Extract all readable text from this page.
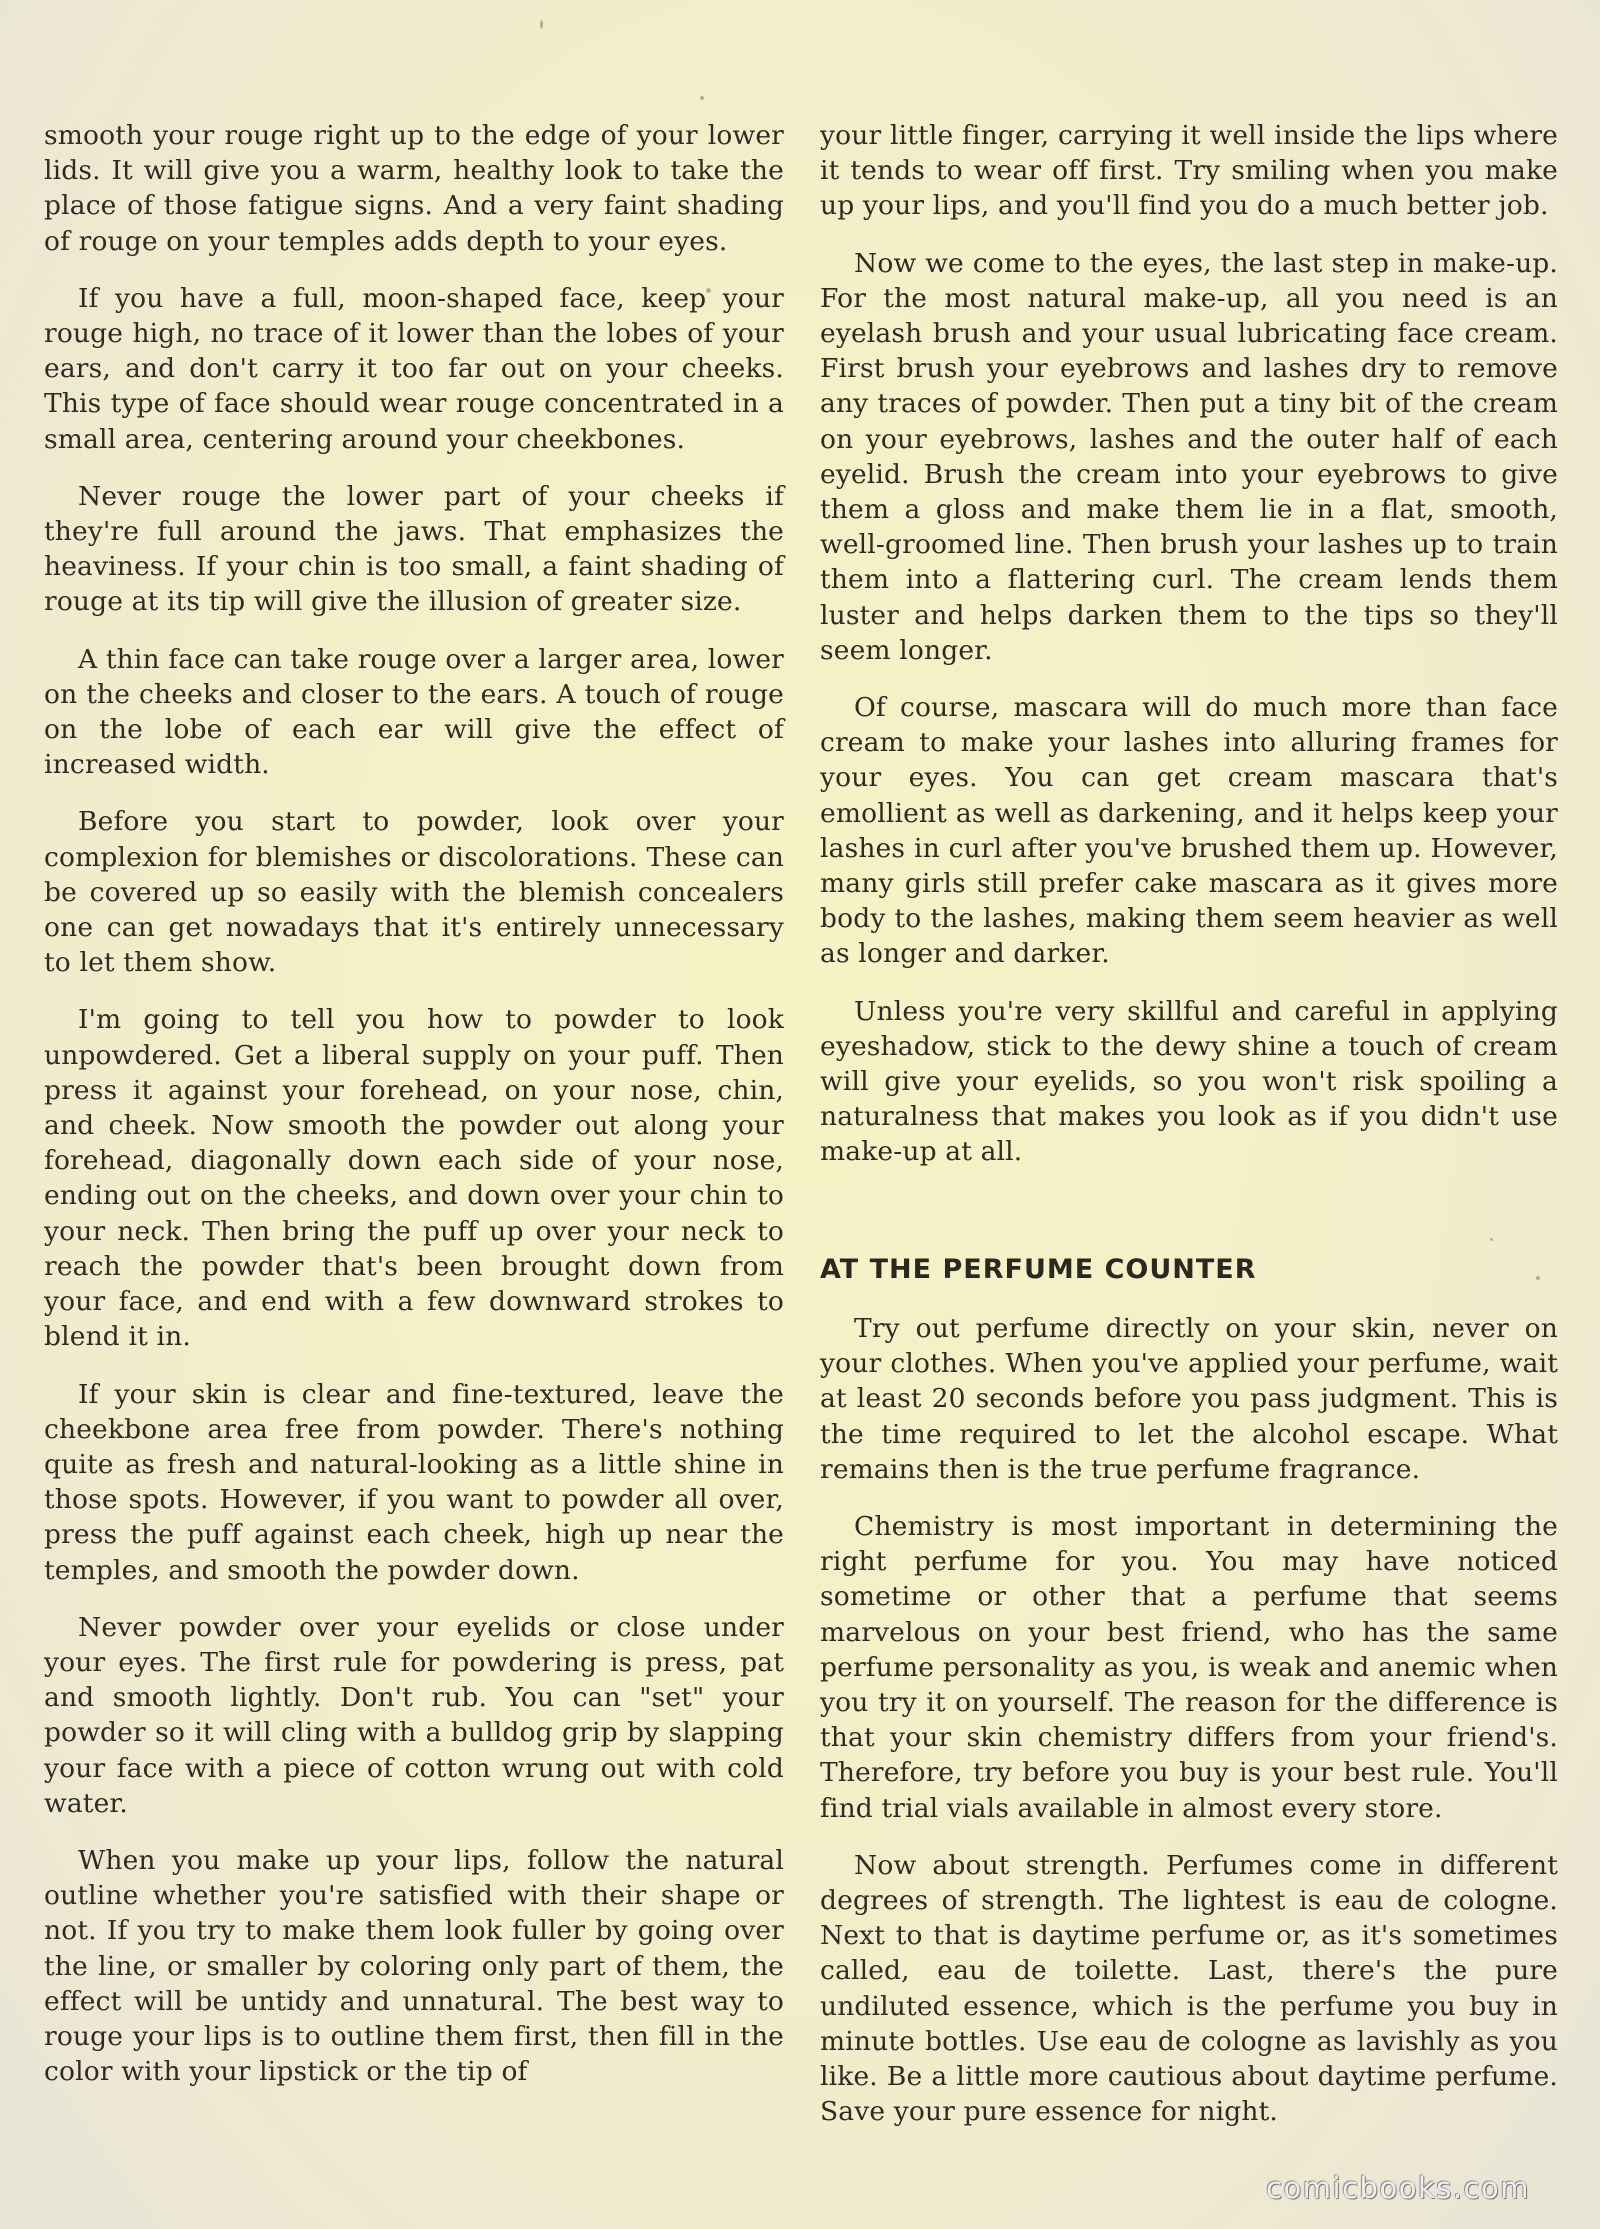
smooth your rouge right up to the edge of your lower lids. It will give you a warm, healthy look to take the place of those fatigue signs. And a very faint shading of rouge on your temples adds depth to your eyes.

If you have a full, moon-shaped face, keep your rouge high, no trace of it lower than the lobes of your ears, and don't carry it too far out on your cheeks. This type of face should wear rouge concentrated in a small area, centering around your cheekbones.

Never rouge the lower part of your cheeks if they're full around the jaws. That emphasizes the heaviness. If your chin is too small, a faint shading of rouge at its tip will give the illusion of greater size.

A thin face can take rouge over a larger area, lower on the cheeks and closer to the ears. A touch of rouge on the lobe of each ear will give the effect of increased width.

Before you start to powder, look over your complexion for blemishes or discolorations. These can be covered up so easily with the blemish concealers one can get nowadays that it's entirely unnecessary to let them show.

I'm going to tell you how to powder to look unpowdered. Get a liberal supply on your puff. Then press it against your forehead, on your nose, chin, and cheek. Now smooth the powder out along your forehead, diagonally down each side of your nose, ending out on the cheeks, and down over your chin to your neck. Then bring the puff up over your neck to reach the powder that's been brought down from your face, and end with a few downward strokes to blend it in.

If your skin is clear and fine-textured, leave the cheekbone area free from powder. There's nothing quite as fresh and natural-looking as a little shine in those spots. However, if you want to powder all over, press the puff against each cheek, high up near the temples, and smooth the powder down.

Never powder over your eyelids or close under your eyes. The first rule for powdering is press, pat and smooth lightly. Don't rub. You can "set" your powder so it will cling with a bulldog grip by slapping your face with a piece of cotton wrung out with cold water.

When you make up your lips, follow the natural outline whether you're satisfied with their shape or not. If you try to make them look fuller by going over the line, or smaller by coloring only part of them, the effect will be untidy and unnatural. The best way to rouge your lips is to outline them first, then fill in the color with your lipstick or the tip of

your little finger, carrying it well inside the lips where it tends to wear off first. Try smiling when you make up your lips, and you'll find you do a much better job.

Now we come to the eyes, the last step in make-up. For the most natural make-up, all you need is an eyelash brush and your usual lubricating face cream. First brush your eyebrows and lashes dry to remove any traces of powder. Then put a tiny bit of the cream on your eyebrows, lashes and the outer half of each eyelid. Brush the cream into your eyebrows to give them a gloss and make them lie in a flat, smooth, well-groomed line. Then brush your lashes up to train them into a flattering curl. The cream lends them luster and helps darken them to the tips so they'll seem longer.

Of course, mascara will do much more than face cream to make your lashes into alluring frames for your eyes. You can get cream mascara that's emollient as well as darkening, and it helps keep your lashes in curl after you've brushed them up. However, many girls still prefer cake mascara as it gives more body to the lashes, making them seem heavier as well as longer and darker.

Unless you're very skillful and careful in applying eyeshadow, stick to the dewy shine a touch of cream will give your eyelids, so you won't risk spoiling a naturalness that makes you look as if you didn't use make-up at all.

AT THE PERFUME COUNTER

Try out perfume directly on your skin, never on your clothes. When you've applied your perfume, wait at least 20 seconds before you pass judgment. This is the time required to let the alcohol escape. What remains then is the true perfume fragrance.

Chemistry is most important in determining the right perfume for you. You may have noticed sometime or other that a perfume that seems marvelous on your best friend, who has the same perfume personality as you, is weak and anemic when you try it on yourself. The reason for the difference is that your skin chemistry differs from your friend's. Therefore, try before you buy is your best rule. You'll find trial vials available in almost every store.

Now about strength. Perfumes come in different degrees of strength. The lightest is eau de cologne. Next to that is daytime perfume or, as it's sometimes called, eau de toilette. Last, there's the pure undiluted essence, which is the perfume you buy in minute bottles. Use eau de cologne as lavishly as you like. Be a little more cautious about daytime perfume. Save your pure essence for night.

comicbooks.com
